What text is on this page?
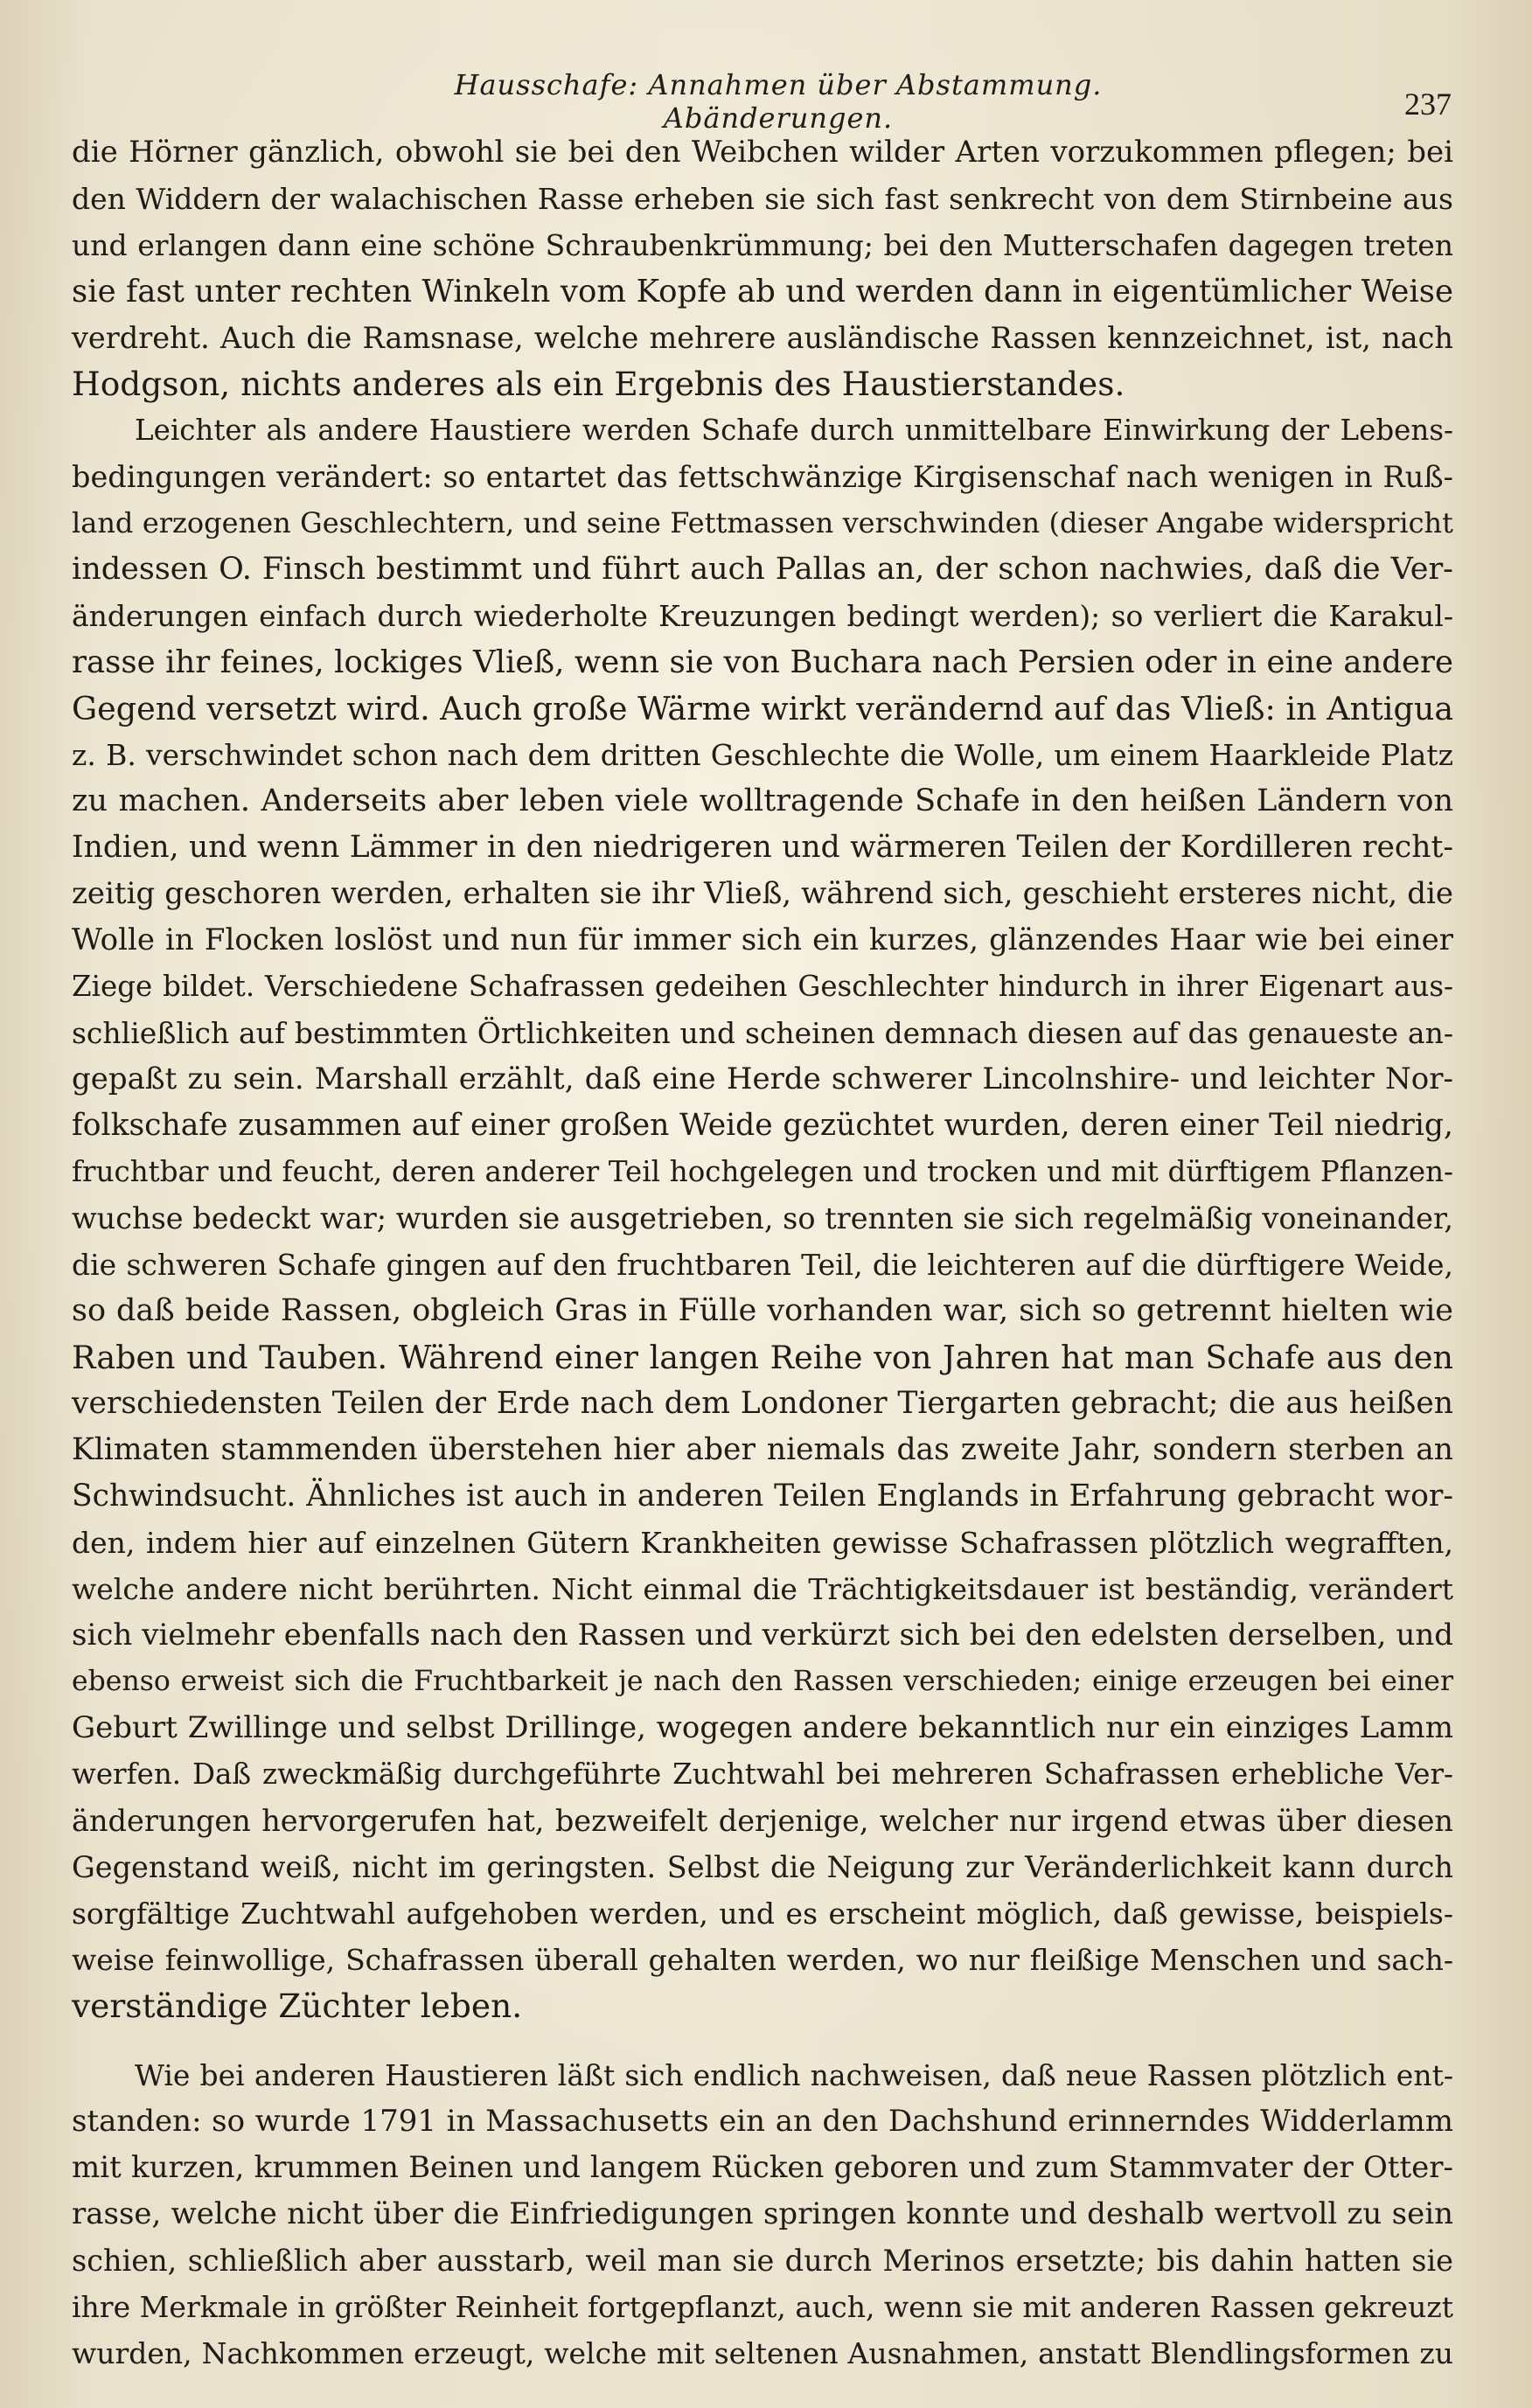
Hausschafe: Annahmen über Abstammung. Abänderungen.	237
die Hörner gänzlich, obwohl sie bei den Weibchen wilder Arten vorzukommen pflegen; bei
den Widdern der walachischen Rasse erheben sie sich fast senkrecht von dem Stirnbeine aus
und erlangen dann eine schöne Schraubenkrümmung; bei den Mutterschafen dagegen treten
sie fast unter rechten Winkeln vom Kopfe ab und werden dann in eigentümlicher Weise
verdreht. Auch die Ramsnase, welche mehrere ausländische Rassen kennzeichnet, ist, nach
Hodgson, nichts anderes als ein Ergebnis des Haustierstandes.
Leichter als andere Haustiere werden Schafe durch unmittelbare Einwirkung der Lebens-
bedingungen verändert: so entartet das fettschwänzige Kirgisenschaf nach wenigen in Ruß-
land erzogenen Geschlechtern, und seine Fettmassen verschwinden (dieser Angabe widerspricht
indessen O. Finsch bestimmt und führt auch Pallas an, der schon nachwies, daß die Ver-
änderungen einfach durch wiederholte Kreuzungen bedingt werden); so verliert die Karakul-
rasse ihr feines, lockiges Vließ, wenn sie von Buchara nach Persien oder in eine andere
Gegend versetzt wird. Auch große Wärme wirkt verändernd auf das Vließ: in Antigua
z. B. verschwindet schon nach dem dritten Geschlechte die Wolle, um einem Haarkleide Platz
zu machen. Anderseits aber leben viele wolltragende Schafe in den heißen Ländern von
Indien, und wenn Lämmer in den niedrigeren und wärmeren Teilen der Kordilleren recht-
zeitig geschoren werden, erhalten sie ihr Vließ, während sich, geschieht ersteres nicht, die
Wolle in Flocken loslöst und nun für immer sich ein kurzes, glänzendes Haar wie bei einer
Ziege bildet. Verschiedene Schafrassen gedeihen Geschlechter hindurch in ihrer Eigenart aus-
schließlich auf bestimmten Örtlichkeiten und scheinen demnach diesen auf das genaueste an-
gepaßt zu sein. Marshall erzählt, daß eine Herde schwerer Lincolnshire- und leichter Nor-
folkschafe zusammen auf einer großen Weide gezüchtet wurden, deren einer Teil niedrig,
fruchtbar und feucht, deren anderer Teil hochgelegen und trocken und mit dürftigem Pflanzen-
wuchse bedeckt war; wurden sie ausgetrieben, so trennten sie sich regelmäßig voneinander,
die schweren Schafe gingen auf den fruchtbaren Teil, die leichteren auf die dürftigere Weide,
so daß beide Rassen, obgleich Gras in Fülle vorhanden war, sich so getrennt hielten wie
Raben und Tauben. Während einer langen Reihe von Jahren hat man Schafe aus den
verschiedensten Teilen der Erde nach dem Londoner Tiergarten gebracht; die aus heißen
Klimaten stammenden überstehen hier aber niemals das zweite Jahr, sondern sterben an
Schwindsucht. Ähnliches ist auch in anderen Teilen Englands in Erfahrung gebracht wor-
den, indem hier auf einzelnen Gütern Krankheiten gewisse Schafrassen plötzlich wegrafften,
welche andere nicht berührten. Nicht einmal die Trächtigkeitsdauer ist beständig, verändert
sich vielmehr ebenfalls nach den Rassen und verkürzt sich bei den edelsten derselben, und
ebenso erweist sich die Fruchtbarkeit je nach den Rassen verschieden; einige erzeugen bei einer
Geburt Zwillinge und selbst Drillinge, wogegen andere bekanntlich nur ein einziges Lamm
werfen. Daß zweckmäßig durchgeführte Zuchtwahl bei mehreren Schafrassen erhebliche Ver-
änderungen hervorgerufen hat, bezweifelt derjenige, welcher nur irgend etwas über diesen
Gegenstand weiß, nicht im geringsten. Selbst die Neigung zur Veränderlichkeit kann durch
sorgfältige Zuchtwahl aufgehoben werden, und es erscheint möglich, daß gewisse, beispiels-
weise feinwollige, Schafrassen überall gehalten werden, wo nur fleißige Menschen und sach-
verständige Züchter leben.
Wie bei anderen Haustieren läßt sich endlich nachweisen, daß neue Rassen plötzlich ent-
standen: so wurde 1791 in Massachusetts ein an den Dachshund erinnerndes Widderlamm
mit kurzen, krummen Beinen und langem Rücken geboren und zum Stammvater der Otter-
rasse, welche nicht über die Einfriedigungen springen konnte und deshalb wertvoll zu sein
schien, schließlich aber ausstarb, weil man sie durch Merinos ersetzte; bis dahin hatten sie
ihre Merkmale in größter Reinheit fortgepflanzt, auch, wenn sie mit anderen Rassen gekreuzt
wurden, Nachkommen erzeugt, welche mit seltenen Ausnahmen, anstatt Blendlingsformen zu
